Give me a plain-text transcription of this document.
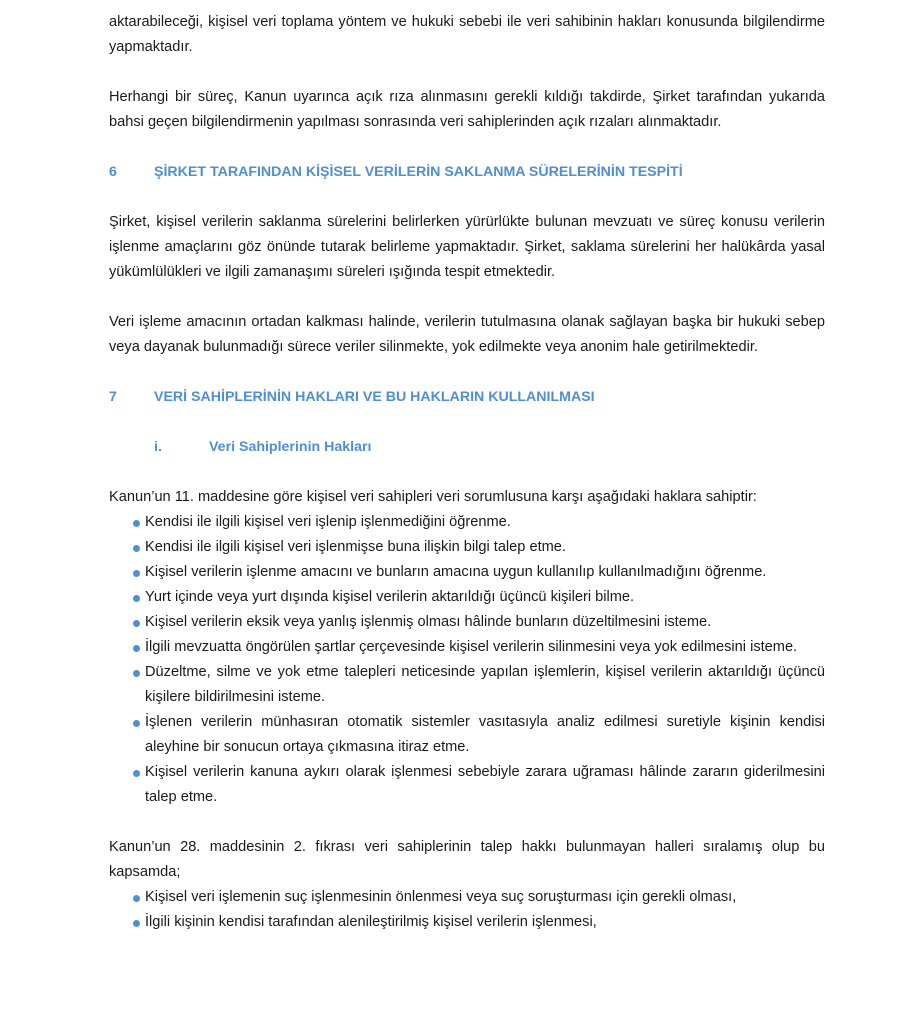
aktarabileceği, kişisel veri toplama yöntem ve hukuki sebebi ile veri sahibinin hakları konusunda bilgilendirme yapmaktadır.

Herhangi bir süreç, Kanun uyarınca açık rıza alınmasını gerekli kıldığı takdirde, Şirket tarafından yukarıda bahsi geçen bilgilendirmenin yapılması sonrasında veri sahiplerinden açık rızaları alınmaktadır.

6	ŞİRKET TARAFINDAN KİŞİSEL VERİLERİN SAKLANMA SÜRELERİNİN TESPİTİ

Şirket, kişisel verilerin saklanma sürelerini belirlerken yürürlükte bulunan mevzuatı ve süreç konusu verilerin işlenme amaçlarını göz önünde tutarak belirleme yapmaktadır. Şirket, saklama sürelerini her halükârda yasal yükümlülükleri ve ilgili zamanaşımı süreleri ışığında tespit etmektedir.

Veri işleme amacının ortadan kalkması halinde, verilerin tutulmasına olanak sağlayan başka bir hukuki sebep veya dayanak bulunmadığı sürece veriler silinmekte, yok edilmekte veya anonim hale getirilmektedir.

7	VERİ SAHİPLERİNİN HAKLARI VE BU HAKLARIN KULLANILMASI
i.	Veri Sahiplerinin Hakları

Kanun’un 11. maddesine göre kişisel veri sahipleri veri sorumlusuna karşı aşağıdaki haklara sahiptir:

Kendisi ile ilgili kişisel veri işlenip işlenmediğini öğrenme.
Kendisi ile ilgili kişisel veri işlenmişse buna ilişkin bilgi talep etme.
Kişisel verilerin işlenme amacını ve bunların amacına uygun kullanılıp kullanılmadığını öğrenme.
Yurt içinde veya yurt dışında kişisel verilerin aktarıldığı üçüncü kişileri bilme.
Kişisel verilerin eksik veya yanlış işlenmiş olması hâlinde bunların düzeltilmesini isteme.
İlgili mevzuatta öngörülen şartlar çerçevesinde kişisel verilerin silinmesini veya yok edilmesini isteme.
Düzeltme, silme ve yok etme talepleri neticesinde yapılan işlemlerin, kişisel verilerin aktarıldığı üçüncü kişilere bildirilmesini isteme.
İşlenen verilerin münhasıran otomatik sistemler vasıtasıyla analiz edilmesi suretiyle kişinin kendisi aleyhine bir sonucun ortaya çıkmasına itiraz etme.
Kişisel verilerin kanuna aykırı olarak işlenmesi sebebiyle zarara uğraması hâlinde zararın giderilmesini talep etme.

Kanun’un 28. maddesinin 2. fıkrası veri sahiplerinin talep hakkı bulunmayan halleri sıralamış olup bu kapsamda;

Kişisel veri işlemenin suç işlenmesinin önlenmesi veya suç soruşturması için gerekli olması,
İlgili kişinin kendisi tarafından alenileştirilmiş kişisel verilerin işlenmesi,
